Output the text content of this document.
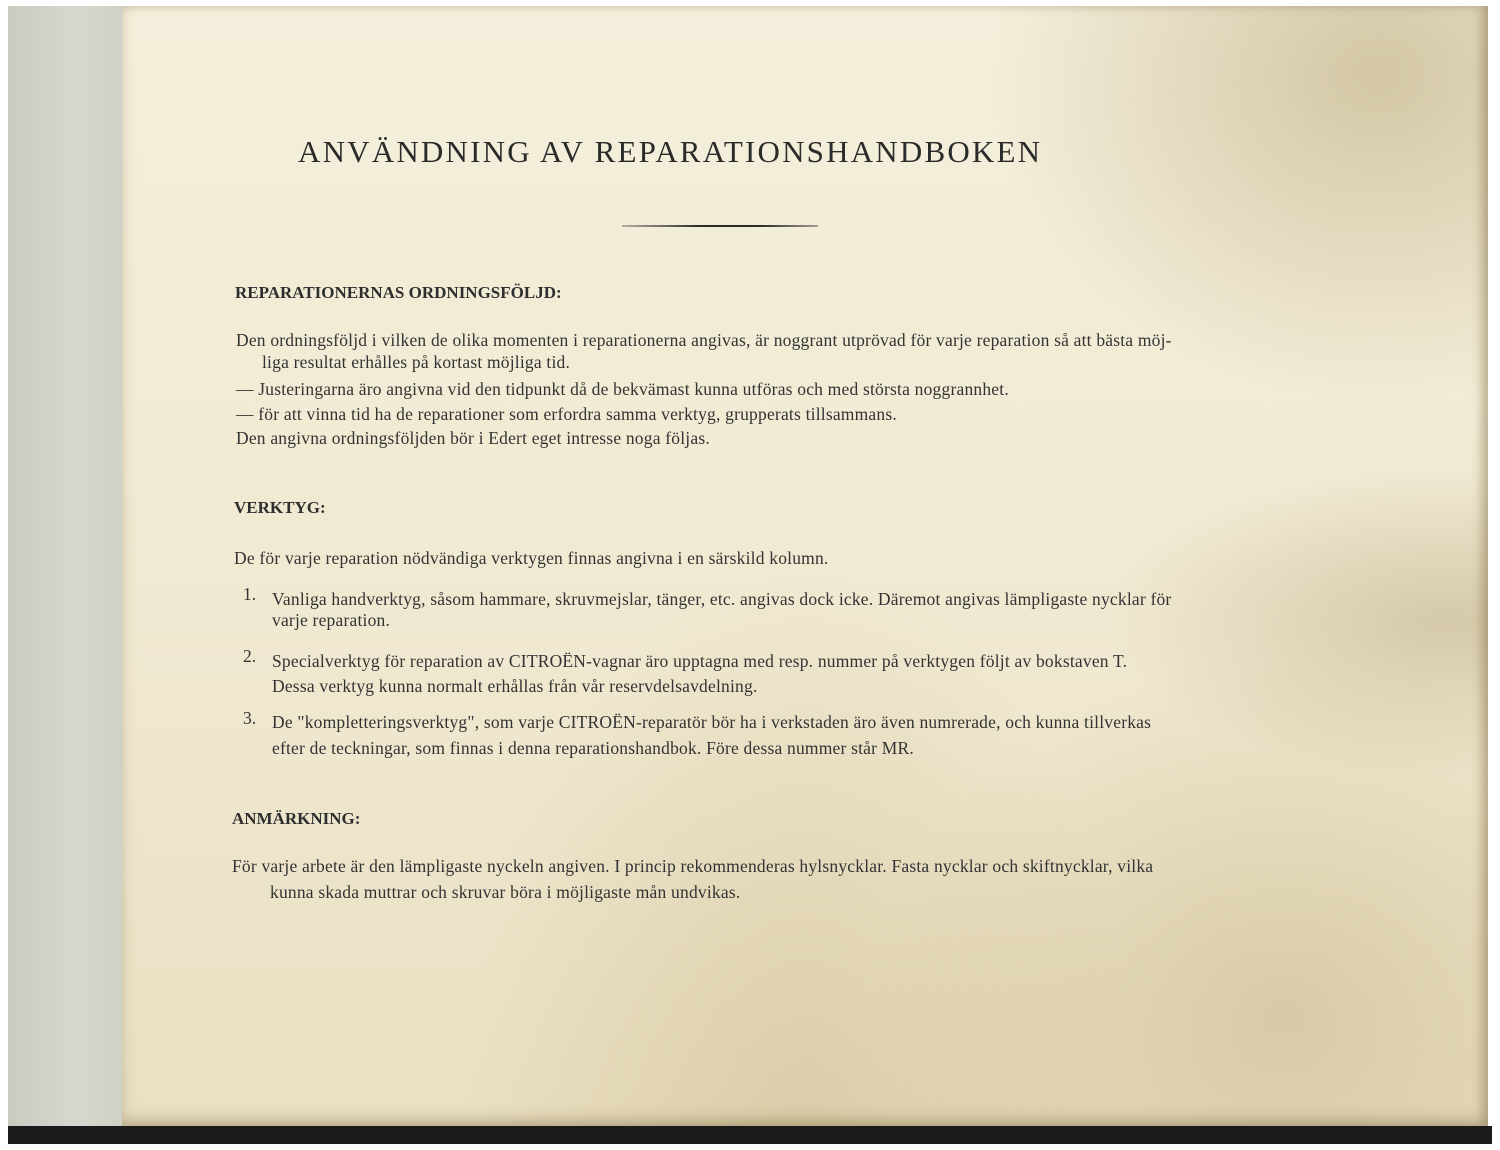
ANVÄNDNING AV REPARATIONSHANDBOKEN
REPARATIONERNAS ORDNINGSFÖLJD:

Den ordningsföljd i vilken de olika momenten i reparationerna angivas, är noggrant utprövad för varje reparation så att bästa möj-

liga resultat erhålles på kortast möjliga tid.

— Justeringarna äro angivna vid den tidpunkt då de bekvämast kunna utföras och med största noggrannhet.

— för att vinna tid ha de reparationer som erfordra samma verktyg, grupperats tillsammans.

Den angivna ordningsföljden bör i Edert eget intresse noga följas.

VERKTYG:

De för varje reparation nödvändiga verktygen finnas angivna i en särskild kolumn.

1. Vanliga handverktyg, såsom hammare, skruvmejslar, tänger, etc. angivas dock icke. Däremot angivas lämpligaste nycklar för

varje reparation.

2. Specialverktyg för reparation av CITROËN-vagnar äro upptagna med resp. nummer på verktygen följt av bokstaven T.

Dessa verktyg kunna normalt erhållas från vår reservdelsavdelning.

3. De "kompletteringsverktyg", som varje CITROËN-reparatör bör ha i verkstaden äro även numrerade, och kunna tillverkas

efter de teckningar, som finnas i denna reparationshandbok. Före dessa nummer står MR.

ANMÄRKNING:

För varje arbete är den lämpligaste nyckeln angiven. I princip rekommenderas hylsnycklar. Fasta nycklar och skiftnycklar, vilka

kunna skada muttrar och skruvar böra i möjligaste mån undvikas.
